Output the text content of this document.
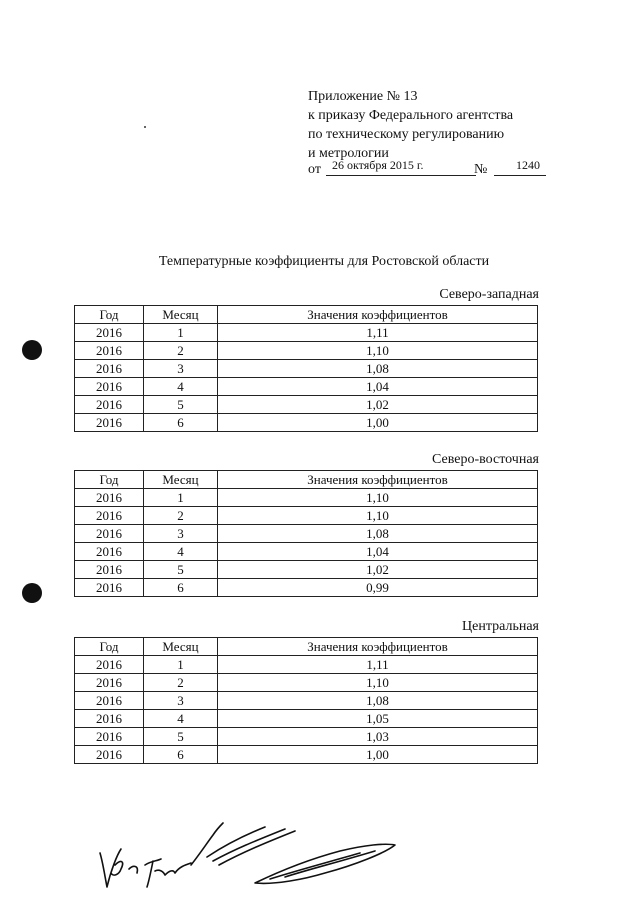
Приложение № 13
к приказу Федерального агентства
по техническому регулированию
и метрологии
от 26 октября 2015 г.	№	1240
Температурные коэффициенты для Ростовской области
Северо-западная
Год	Месяц	Значения коэффициентов
2016	1	1,11
2016	2	1,10
2016	3	1,08
2016	4	1,04
2016	5	1,02
2016	6	1,00
Северо-восточная
Год	Месяц	Значения коэффициентов
2016	1	1,10
2016	2	1,10
2016	3	1,08
2016	4	1,04
2016	5	1,02
2016	6	0,99
Центральная
Год	Месяц	Значения коэффициентов
2016	1	1,11
2016	2	1,10
2016	3	1,08
2016	4	1,05
2016	5	1,03
2016	6	1,00
